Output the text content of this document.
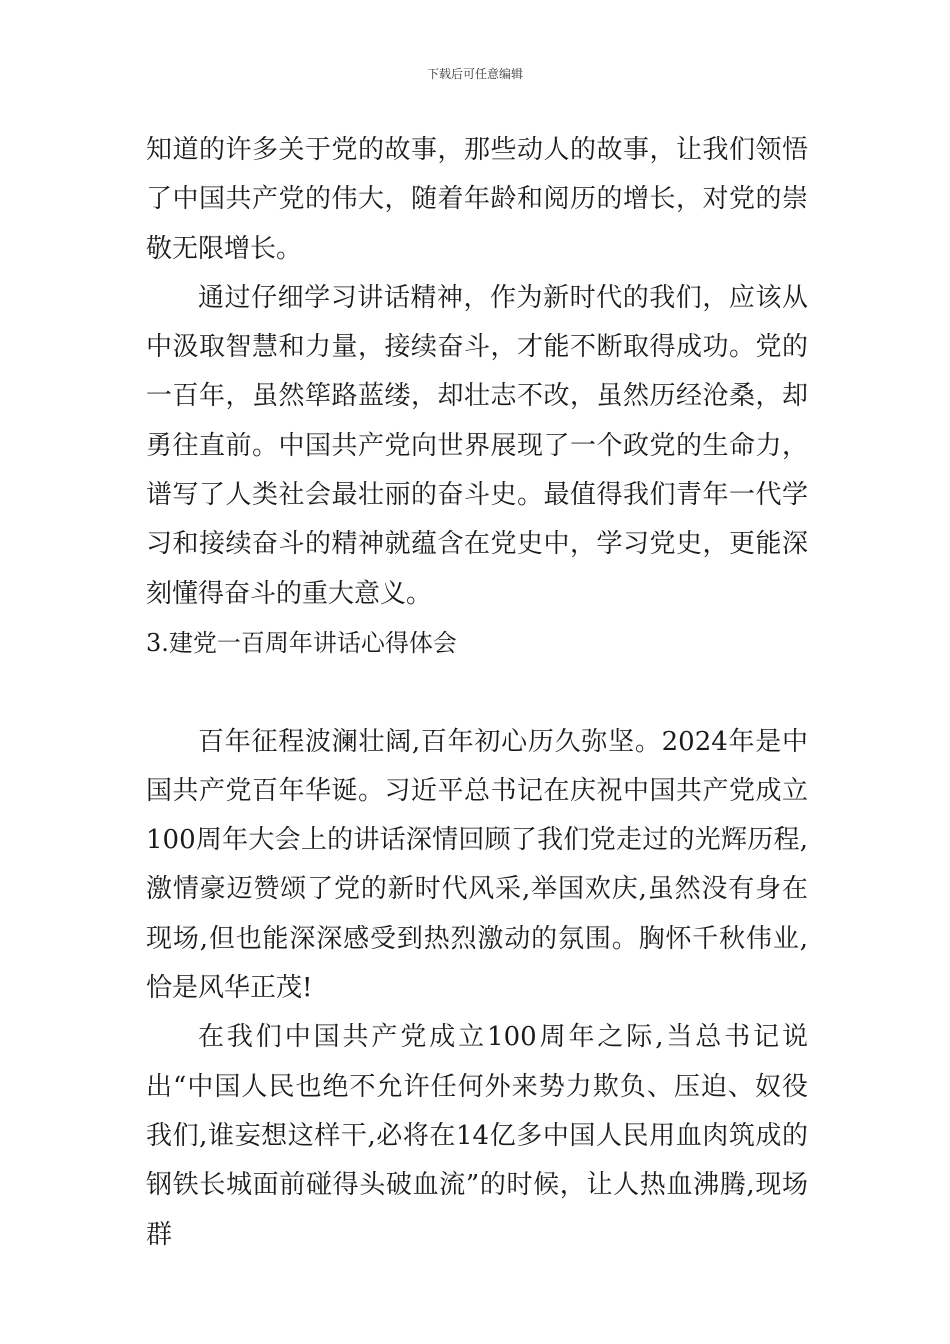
下载后可任意编辑

知道的许多关于党的故事，那些动人的故事，让我们领悟了中国共产党的伟大，随着年龄和阅历的增长，对党的崇敬无限增长。

通过仔细学习讲话精神，作为新时代的我们，应该从中汲取智慧和力量，接续奋斗，才能不断取得成功。党的一百年，虽然筚路蓝缕，却壮志不改，虽然历经沧桑，却勇往直前。中国共产党向世界展现了一个政党的生命力，谱写了人类社会最壮丽的奋斗史。最值得我们青年一代学习和接续奋斗的精神就蕴含在党史中，学习党史，更能深刻懂得奋斗的重大意义。

3.建党一百周年讲话心得体会

百年征程波澜壮阔,百年初心历久弥坚。2024年是中国共产党百年华诞。习近平总书记在庆祝中国共产党成立100周年大会上的讲话深情回顾了我们党走过的光辉历程,激情豪迈赞颂了党的新时代风采,举国欢庆,虽然没有身在现场,但也能深深感受到热烈激动的氛围。胸怀千秋伟业,恰是风华正茂!

在我们中国共产党成立100周年之际,当总书记说出“中国人民也绝不允许任何外来势力欺负、压迫、奴役我们,谁妄想这样干,必将在14亿多中国人民用血肉筑成的钢铁长城面前碰得头破血流”的时候，让人热血沸腾,现场群
